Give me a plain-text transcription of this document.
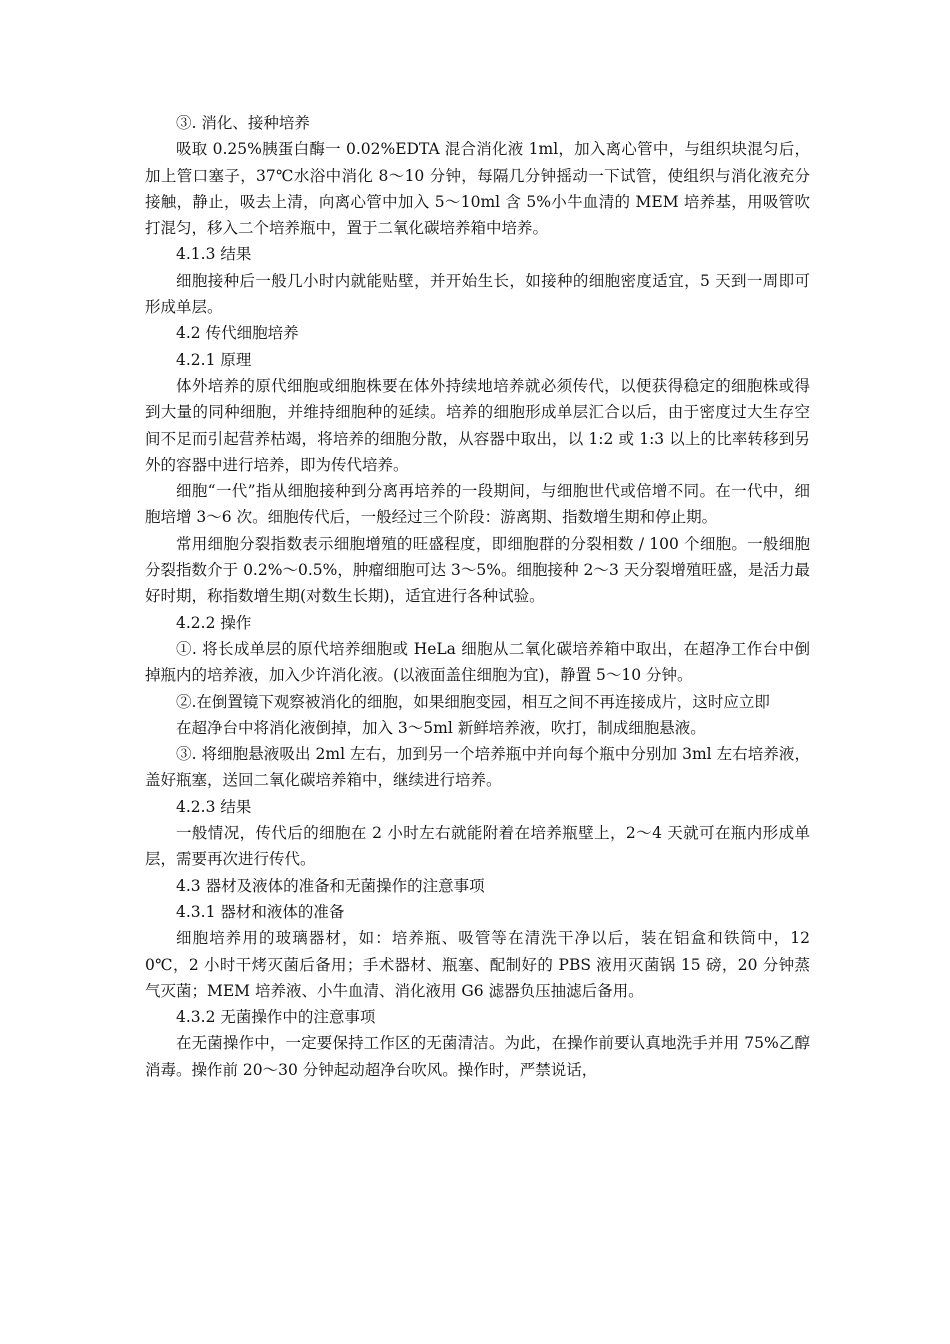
③. 消化、接种培养

吸取 0.25%胰蛋白酶一 0.02%EDTA 混合消化液 1ml，加入离心管中，与组织块混匀后，加上管口塞子，37℃水浴中消化 8～10 分钟，每隔几分钟摇动一下试管，使组织与消化液充分接触，静止，吸去上清，向离心管中加入 5～10ml 含 5%小牛血清的 MEM 培养基，用吸管吹打混匀，移入二个培养瓶中，置于二氧化碳培养箱中培养。

4.1.3 结果

细胞接种后一般几小时内就能贴壁，并开始生长，如接种的细胞密度适宜，5 天到一周即可形成单层。

4.2 传代细胞培养

4.2.1 原理

体外培养的原代细胞或细胞株要在体外持续地培养就必须传代，以便获得稳定的细胞株或得到大量的同种细胞，并维持细胞种的延续。培养的细胞形成单层汇合以后，由于密度过大生存空间不足而引起营养枯竭，将培养的细胞分散，从容器中取出，以 1:2 或 1:3 以上的比率转移到另外的容器中进行培养，即为传代培养。

细胞“一代”指从细胞接种到分离再培养的一段期间，与细胞世代或倍增不同。在一代中，细胞培增 3～6 次。细胞传代后，一般经过三个阶段：游离期、指数增生期和停止期。

常用细胞分裂指数表示细胞增殖的旺盛程度，即细胞群的分裂相数 / 100 个细胞。一般细胞分裂指数介于 0.2%～0.5%，肿瘤细胞可达 3～5%。细胞接种 2～3 天分裂增殖旺盛，是活力最好时期，称指数增生期(对数生长期)，适宜进行各种试验。

4.2.2 操作

①. 将长成单层的原代培养细胞或 HeLa 细胞从二氧化碳培养箱中取出，在超净工作台中倒掉瓶内的培养液，加入少许消化液。(以液面盖住细胞为宜)，静置 5～10 分钟。

②.在倒置镜下观察被消化的细胞，如果细胞变园，相互之间不再连接成片，这时应立即

在超净台中将消化液倒掉，加入 3～5ml 新鲜培养液，吹打，制成细胞悬液。

③. 将细胞悬液吸出 2ml 左右，加到另一个培养瓶中并向每个瓶中分别加 3ml 左右培养液，盖好瓶塞，送回二氧化碳培养箱中，继续进行培养。

4.2.3 结果

一般情况，传代后的细胞在 2 小时左右就能附着在培养瓶壁上，2～4 天就可在瓶内形成单层，需要再次进行传代。

4.3 器材及液体的准备和无菌操作的注意事项

4.3.1 器材和液体的准备

细胞培养用的玻璃器材，如：培养瓶、吸管等在清洗干净以后，装在铝盒和铁筒中，120℃，2 小时干烤灭菌后备用；手术器材、瓶塞、配制好的 PBS 液用灭菌锅 15 磅，20 分钟蒸气灭菌；MEM 培养液、小牛血清、消化液用 G6 滤器负压抽滤后备用。

4.3.2 无菌操作中的注意事项

在无菌操作中，一定要保持工作区的无菌清洁。为此，在操作前要认真地洗手并用 75%乙醇消毒。操作前 20～30 分钟起动超净台吹风。操作时，严禁说话，
